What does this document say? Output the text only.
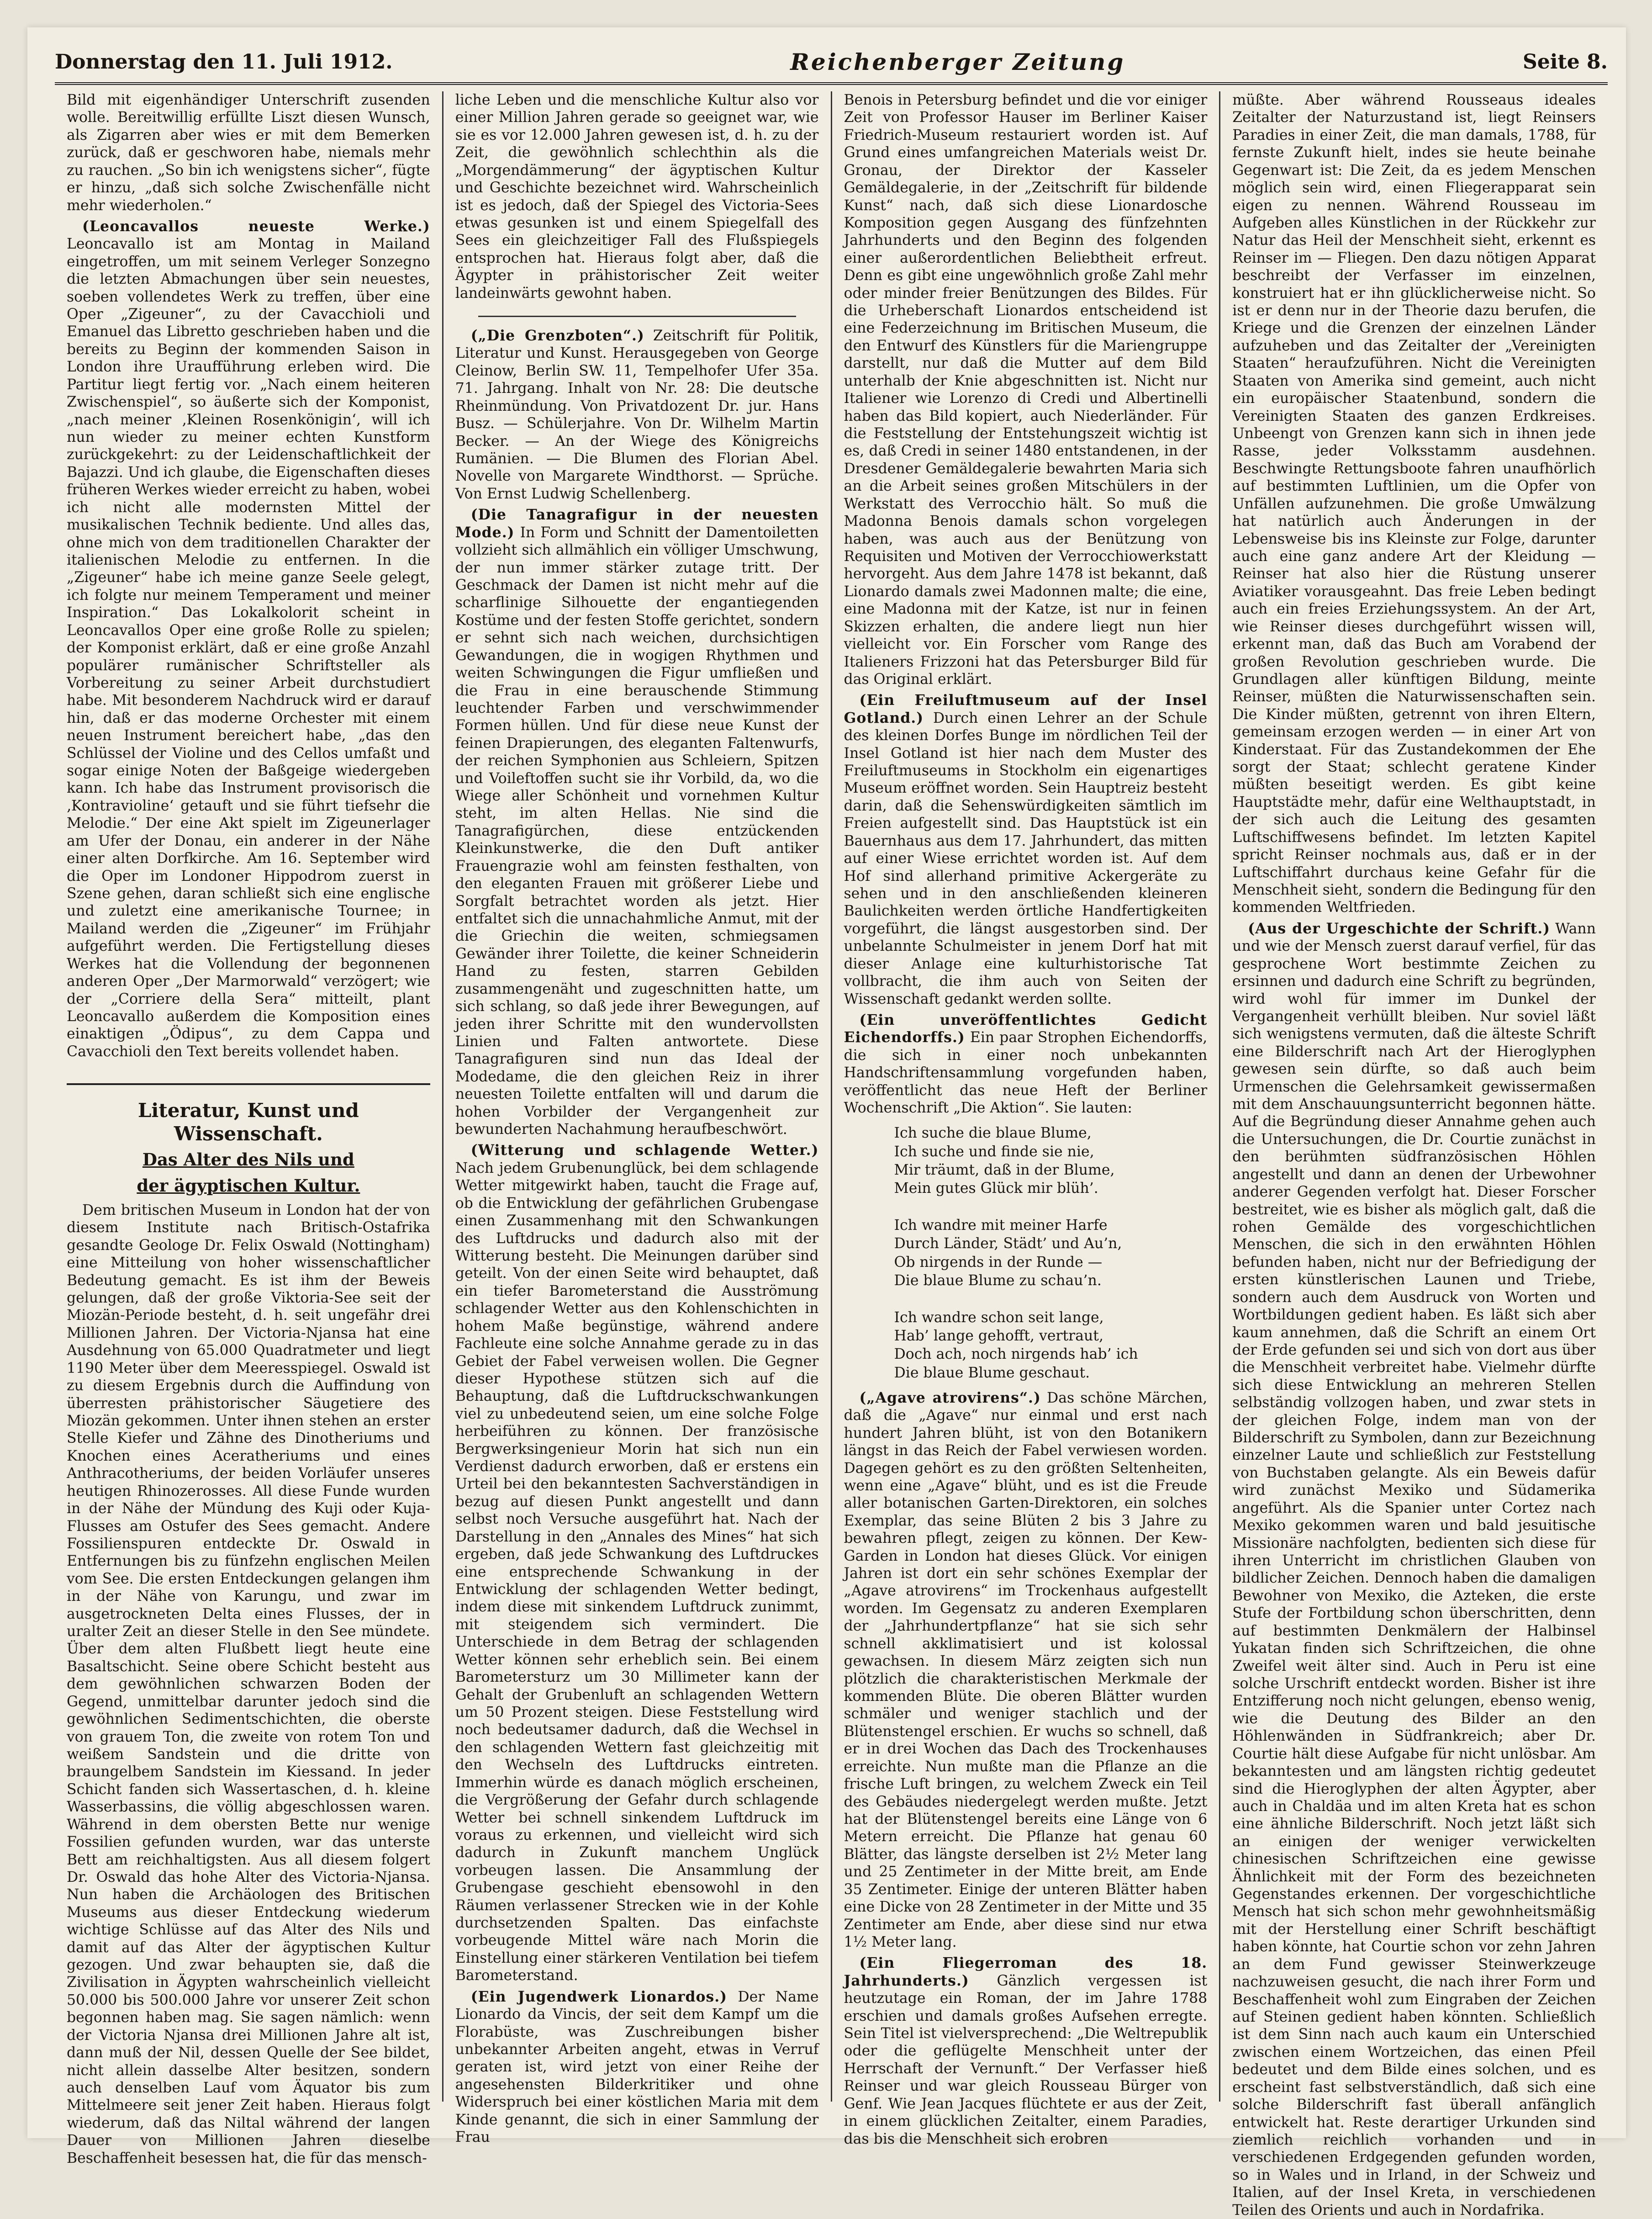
Donnerstag den 11. Juli 1912.	Reichenberger Zeitung	Seite 8.

Bild mit eigenhändiger Unterschrift zusenden wolle. Bereitwillig erfüllte Liszt diesen Wunsch, als Zigarren aber wies er mit dem Bemerken zurück, daß er geschworen habe, niemals mehr zu rauchen. „So bin ich wenigstens sicher“, fügte er hinzu, „daß sich solche Zwischenfälle nicht mehr wiederholen.“

(Leoncavallos neueste Werke.) Leoncavallo ist am Montag in Mailand eingetroffen, um mit seinem Verleger Sonzegno die letzten Abmachungen über sein neuestes, soeben vollendetes Werk zu treffen, über eine Oper „Zigeuner“, zu der Cavacchioli und Emanuel das Libretto geschrieben haben und die bereits zu Beginn der kommenden Saison in London ihre Uraufführung erleben wird. Die Partitur liegt fertig vor. „Nach einem heiteren Zwischenspiel“, so äußerte sich der Komponist, „nach meiner ‚Kleinen Rosenkönigin‘, will ich nun wieder zu meiner echten Kunstform zurückgekehrt: zu der Leidenschaftlichkeit der Bajazzi. Und ich glaube, die Eigenschaften dieses früheren Werkes wieder erreicht zu haben, wobei ich nicht alle modernsten Mittel der musikalischen Technik bediente. Und alles das, ohne mich von dem traditionellen Charakter der italienischen Melodie zu entfernen. In die „Zigeuner“ habe ich meine ganze Seele gelegt, ich folgte nur meinem Temperament und meiner Inspiration.“ Das Lokalkolorit scheint in Leoncavallos Oper eine große Rolle zu spielen; der Komponist erklärt, daß er eine große Anzahl populärer rumänischer Schriftsteller als Vorbereitung zu seiner Arbeit durchstudiert habe. Mit besonderem Nachdruck wird er darauf hin, daß er das moderne Orchester mit einem neuen Instrument bereichert habe, „das den Schlüssel der Violine und des Cellos umfaßt und sogar einige Noten der Baßgeige wiedergeben kann. Ich habe das Instrument provisorisch die ‚Kontravioline‘ getauft und sie führt tiefsehr die Melodie.“ Der eine Akt spielt im Zigeunerlager am Ufer der Donau, ein anderer in der Nähe einer alten Dorfkirche. Am 16. September wird die Oper im Londoner Hippodrom zuerst in Szene gehen, daran schließt sich eine englische und zuletzt eine amerikanische Tournee; in Mailand werden die „Zigeuner“ im Frühjahr aufgeführt werden. Die Fertigstellung dieses Werkes hat die Vollendung der begonnenen anderen Oper „Der Marmorwald“ verzögert; wie der „Corriere della Sera“ mitteilt, plant Leoncavallo außerdem die Komposition eines einaktigen „Ödipus“, zu dem Cappa und Cavacchioli den Text bereits vollendet haben.

Literatur, Kunst und Wissenschaft.
Das Alter des Nils und
der ägyptischen Kultur.

Dem britischen Museum in London hat der von diesem Institute nach Britisch-Ostafrika gesandte Geologe Dr. Felix Oswald (Nottingham) eine Mitteilung von hoher wissenschaftlicher Bedeutung gemacht. Es ist ihm der Beweis gelungen, daß der große Viktoria-See seit der Miozän-Periode besteht, d. h. seit ungefähr drei Millionen Jahren. Der Victoria-Njansa hat eine Ausdehnung von 65.000 Quadratmeter und liegt 1190 Meter über dem Meeresspiegel. Oswald ist zu diesem Ergebnis durch die Auffindung von überresten prähistorischer Säugetiere des Miozän gekommen. Unter ihnen stehen an erster Stelle Kiefer und Zähne des Dinotheriums und Knochen eines Aceratheriums und eines Anthracotheriums, der beiden Vorläufer unseres heutigen Rhinozerosses. All diese Funde wurden in der Nähe der Mündung des Kuji oder Kuja-Flusses am Ostufer des Sees gemacht. Andere Fossilienspuren entdeckte Dr. Oswald in Entfernungen bis zu fünfzehn englischen Meilen vom See. Die ersten Entdeckungen gelangen ihm in der Nähe von Karungu, und zwar im ausgetrockneten Delta eines Flusses, der in uralter Zeit an dieser Stelle in den See mündete. Über dem alten Flußbett liegt heute eine Basaltschicht. Seine obere Schicht besteht aus dem gewöhnlichen schwarzen Boden der Gegend, unmittelbar darunter jedoch sind die gewöhnlichen Sedimentschichten, die oberste von grauem Ton, die zweite von rotem Ton und weißem Sandstein und die dritte von braungelbem Sandstein im Kiessand. In jeder Schicht fanden sich Wassertaschen, d. h. kleine Wasserbassins, die völlig abgeschlossen waren. Während in dem obersten Bette nur wenige Fossilien gefunden wurden, war das unterste Bett am reichhaltigsten. Aus all diesem folgert Dr. Oswald das hohe Alter des Victoria-Njansa. Nun haben die Archäologen des Britischen Museums aus dieser Entdeckung wiederum wichtige Schlüsse auf das Alter des Nils und damit auf das Alter der ägyptischen Kultur gezogen. Und zwar behaupten sie, daß die Zivilisation in Ägypten wahrscheinlich vielleicht 50.000 bis 500.000 Jahre vor unserer Zeit schon begonnen haben mag. Sie sagen nämlich: wenn der Victoria Njansa drei Millionen Jahre alt ist, dann muß der Nil, dessen Quelle der See bildet, nicht allein dasselbe Alter besitzen, sondern auch denselben Lauf vom Äquator bis zum Mittelmeere seit jener Zeit haben. Hieraus folgt wiederum, daß das Niltal während der langen Dauer von Millionen Jahren dieselbe Beschaffenheit besessen hat, die für das mensch-

liche Leben und die menschliche Kultur also vor einer Million Jahren gerade so geeignet war, wie sie es vor 12.000 Jahren gewesen ist, d. h. zu der Zeit, die gewöhnlich schlechthin als die „Morgendämmerung“ der ägyptischen Kultur und Geschichte bezeichnet wird. Wahrscheinlich ist es jedoch, daß der Spiegel des Victoria-Sees etwas gesunken ist und einem Spiegelfall des Sees ein gleichzeitiger Fall des Flußspiegels entsprochen hat. Hieraus folgt aber, daß die Ägypter in prähistorischer Zeit weiter landeinwärts gewohnt haben.

(„Die Grenzboten“.) Zeitschrift für Politik, Literatur und Kunst. Herausgegeben von George Cleinow, Berlin SW. 11, Tempelhofer Ufer 35a. 71. Jahrgang. Inhalt von Nr. 28: Die deutsche Rheinmündung. Von Privatdozent Dr. jur. Hans Busz. — Schülerjahre. Von Dr. Wilhelm Martin Becker. — An der Wiege des Königreichs Rumänien. — Die Blumen des Florian Abel. Novelle von Margarete Windthorst. — Sprüche. Von Ernst Ludwig Schellenberg.

(Die Tanagrafigur in der neuesten Mode.) In Form und Schnitt der Damentoiletten vollzieht sich allmählich ein völliger Umschwung, der nun immer stärker zutage tritt. Der Geschmack der Damen ist nicht mehr auf die scharflinige Silhouette der engantiegenden Kostüme und der festen Stoffe gerichtet, sondern er sehnt sich nach weichen, durchsichtigen Gewandungen, die in wogigen Rhythmen und weiten Schwingungen die Figur umfließen und die Frau in eine berauschende Stimmung leuchtender Farben und verschwimmender Formen hüllen. Und für diese neue Kunst der feinen Drapierungen, des eleganten Faltenwurfs, der reichen Symphonien aus Schleiern, Spitzen und Voileftoffen sucht sie ihr Vorbild, da, wo die Wiege aller Schönheit und vornehmen Kultur steht, im alten Hellas. Nie sind die Tanagrafigürchen, diese entzückenden Kleinkunstwerke, die den Duft antiker Frauengrazie wohl am feinsten festhalten, von den eleganten Frauen mit größerer Liebe und Sorgfalt betrachtet worden als jetzt. Hier entfaltet sich die unnachahmliche Anmut, mit der die Griechin die weiten, schmiegsamen Gewänder ihrer Toilette, die keiner Schneiderin Hand zu festen, starren Gebilden zusammengenäht und zugeschnitten hatte, um sich schlang, so daß jede ihrer Bewegungen, auf jeden ihrer Schritte mit den wundervollsten Linien und Falten antwortete. Diese Tanagrafiguren sind nun das Ideal der Modedame, die den gleichen Reiz in ihrer neuesten Toilette entfalten will und darum die hohen Vorbilder der Vergangenheit zur bewunderten Nachahmung heraufbeschwört.

(Witterung und schlagende Wetter.) Nach jedem Grubenunglück, bei dem schlagende Wetter mitgewirkt haben, taucht die Frage auf, ob die Entwicklung der gefährlichen Grubengase einen Zusammenhang mit den Schwankungen des Luftdrucks und dadurch also mit der Witterung besteht. Die Meinungen darüber sind geteilt. Von der einen Seite wird behauptet, daß ein tiefer Barometerstand die Ausströmung schlagender Wetter aus den Kohlenschichten in hohem Maße begünstige, während andere Fachleute eine solche Annahme gerade zu in das Gebiet der Fabel verweisen wollen. Die Gegner dieser Hypothese stützen sich auf die Behauptung, daß die Luftdruckschwankungen viel zu unbedeutend seien, um eine solche Folge herbeiführen zu können. Der französische Bergwerksingenieur Morin hat sich nun ein Verdienst dadurch erworben, daß er erstens ein Urteil bei den bekanntesten Sachverständigen in bezug auf diesen Punkt angestellt und dann selbst noch Versuche ausgeführt hat. Nach der Darstellung in den „Annales des Mines“ hat sich ergeben, daß jede Schwankung des Luftdruckes eine entsprechende Schwankung in der Entwicklung der schlagenden Wetter bedingt, indem diese mit sinkendem Luftdruck zunimmt, mit steigendem sich vermindert. Die Unterschiede in dem Betrag der schlagenden Wetter können sehr erheblich sein. Bei einem Barometersturz um 30 Millimeter kann der Gehalt der Grubenluft an schlagenden Wettern um 50 Prozent steigen. Diese Feststellung wird noch bedeutsamer dadurch, daß die Wechsel in den schlagenden Wettern fast gleichzeitig mit den Wechseln des Luftdrucks eintreten. Immerhin würde es danach möglich erscheinen, die Vergrößerung der Gefahr durch schlagende Wetter bei schnell sinkendem Luftdruck im voraus zu erkennen, und vielleicht wird sich dadurch in Zukunft manchem Unglück vorbeugen lassen. Die Ansammlung der Grubengase geschieht ebensowohl in den Räumen verlassener Strecken wie in der Kohle durchsetzenden Spalten. Das einfachste vorbeugende Mittel wäre nach Morin die Einstellung einer stärkeren Ventilation bei tiefem Barometerstand.

(Ein Jugendwerk Lionardos.) Der Name Lionardo da Vincis, der seit dem Kampf um die Florabüste, was Zuschreibungen bisher unbekannter Arbeiten angeht, etwas in Verruf geraten ist, wird jetzt von einer Reihe der angesehensten Bilderkritiker und ohne Widerspruch bei einer köstlichen Maria mit dem Kinde genannt, die sich in einer Sammlung der Frau

Benois in Petersburg befindet und die vor einiger Zeit von Professor Hauser im Berliner Kaiser Friedrich-Museum restauriert worden ist. Auf Grund eines umfangreichen Materials weist Dr. Gronau, der Direktor der Kasseler Gemäldegalerie, in der „Zeitschrift für bildende Kunst“ nach, daß sich diese Lionardosche Komposition gegen Ausgang des fünfzehnten Jahrhunderts und den Beginn des folgenden einer außerordentlichen Beliebtheit erfreut. Denn es gibt eine ungewöhnlich große Zahl mehr oder minder freier Benützungen des Bildes. Für die Urheberschaft Lionardos entscheidend ist eine Federzeichnung im Britischen Museum, die den Entwurf des Künstlers für die Mariengruppe darstellt, nur daß die Mutter auf dem Bild unterhalb der Knie abgeschnitten ist. Nicht nur Italiener wie Lorenzo di Credi und Albertinelli haben das Bild kopiert, auch Niederländer. Für die Feststellung der Entstehungszeit wichtig ist es, daß Credi in seiner 1480 entstandenen, in der Dresdener Gemäldegalerie bewahrten Maria sich an die Arbeit seines großen Mitschülers in der Werkstatt des Verrocchio hält. So muß die Madonna Benois damals schon vorgelegen haben, was auch aus der Benützung von Requisiten und Motiven der Verrocchiowerkstatt hervorgeht. Aus dem Jahre 1478 ist bekannt, daß Lionardo damals zwei Madonnen malte; die eine, eine Madonna mit der Katze, ist nur in feinen Skizzen erhalten, die andere liegt nun hier vielleicht vor. Ein Forscher vom Range des Italieners Frizzoni hat das Petersburger Bild für das Original erklärt.

(Ein Freiluftmuseum auf der Insel Gotland.) Durch einen Lehrer an der Schule des kleinen Dorfes Bunge im nördlichen Teil der Insel Gotland ist hier nach dem Muster des Freiluftmuseums in Stockholm ein eigenartiges Museum eröffnet worden. Sein Hauptreiz besteht darin, daß die Sehenswürdigkeiten sämtlich im Freien aufgestellt sind. Das Hauptstück ist ein Bauernhaus aus dem 17. Jahrhundert, das mitten auf einer Wiese errichtet worden ist. Auf dem Hof sind allerhand primitive Ackergeräte zu sehen und in den anschließenden kleineren Baulichkeiten werden örtliche Handfertigkeiten vorgeführt, die längst ausgestorben sind. Der unbelannte Schulmeister in jenem Dorf hat mit dieser Anlage eine kulturhistorische Tat vollbracht, die ihm auch von Seiten der Wissenschaft gedankt werden sollte.

(Ein unveröffentlichtes Gedicht Eichendorffs.) Ein paar Strophen Eichendorffs, die sich in einer noch unbekannten Handschriftensammlung vorgefunden haben, veröffentlicht das neue Heft der Berliner Wochenschrift „Die Aktion“. Sie lauten:

Ich suche die blaue Blume,
Ich suche und finde sie nie,
Mir träumt, daß in der Blume,
Mein gutes Glück mir blüh’.

Ich wandre mit meiner Harfe
Durch Länder, Städt’ und Au’n,
Ob nirgends in der Runde —
Die blaue Blume zu schau’n.

Ich wandre schon seit lange,
Hab’ lange gehofft, vertraut,
Doch ach, noch nirgends hab’ ich
Die blaue Blume geschaut.

(„Agave atrovirens“.) Das schöne Märchen, daß die „Agave“ nur einmal und erst nach hundert Jahren blüht, ist von den Botanikern längst in das Reich der Fabel verwiesen worden. Dagegen gehört es zu den größten Seltenheiten, wenn eine „Agave“ blüht, und es ist die Freude aller botanischen Garten-Direktoren, ein solches Exemplar, das seine Blüten 2 bis 3 Jahre zu bewahren pflegt, zeigen zu können. Der Kew-Garden in London hat dieses Glück. Vor einigen Jahren ist dort ein sehr schönes Exemplar der „Agave atrovirens“ im Trockenhaus aufgestellt worden. Im Gegensatz zu anderen Exemplaren der „Jahrhundertpflanze“ hat sie sich sehr schnell akklimatisiert und ist kolossal gewachsen. In diesem März zeigten sich nun plötzlich die charakteristischen Merkmale der kommenden Blüte. Die oberen Blätter wurden schmäler und weniger stachlich und der Blütenstengel erschien. Er wuchs so schnell, daß er in drei Wochen das Dach des Trockenhauses erreichte. Nun mußte man die Pflanze an die frische Luft bringen, zu welchem Zweck ein Teil des Gebäudes niedergelegt werden mußte. Jetzt hat der Blütenstengel bereits eine Länge von 6 Metern erreicht. Die Pflanze hat genau 60 Blätter, das längste derselben ist 2½ Meter lang und 25 Zentimeter in der Mitte breit, am Ende 35 Zentimeter. Einige der unteren Blätter haben eine Dicke von 28 Zentimeter in der Mitte und 35 Zentimeter am Ende, aber diese sind nur etwa 1½ Meter lang.

(Ein Fliegerroman des 18. Jahrhunderts.) Gänzlich vergessen ist heutzutage ein Roman, der im Jahre 1788 erschien und damals großes Aufsehen erregte. Sein Titel ist vielversprechend: „Die Weltrepublik oder die geflügelte Menschheit unter der Herrschaft der Vernunft.“ Der Verfasser hieß Reinser und war gleich Rousseau Bürger von Genf. Wie Jean Jacques flüchtete er aus der Zeit, in einem glücklichen Zeitalter, einem Paradies, das bis die Menschheit sich erobren

müßte. Aber während Rousseaus ideales Zeitalter der Naturzustand ist, liegt Reinsers Paradies in einer Zeit, die man damals, 1788, für fernste Zukunft hielt, indes sie heute beinahe Gegenwart ist: Die Zeit, da es jedem Menschen möglich sein wird, einen Fliegerapparat sein eigen zu nennen. Während Rousseau im Aufgeben alles Künstlichen in der Rückkehr zur Natur das Heil der Menschheit sieht, erkennt es Reinser im — Fliegen. Den dazu nötigen Apparat beschreibt der Verfasser im einzelnen, konstruiert hat er ihn glücklicherweise nicht. So ist er denn nur in der Theorie dazu berufen, die Kriege und die Grenzen der einzelnen Länder aufzuheben und das Zeitalter der „Vereinigten Staaten“ heraufzuführen. Nicht die Vereinigten Staaten von Amerika sind gemeint, auch nicht ein europäischer Staatenbund, sondern die Vereinigten Staaten des ganzen Erdkreises. Unbeengt von Grenzen kann sich in ihnen jede Rasse, jeder Volksstamm ausdehnen. Beschwingte Rettungsboote fahren unaufhörlich auf bestimmten Luftlinien, um die Opfer von Unfällen aufzunehmen. Die große Umwälzung hat natürlich auch Änderungen in der Lebensweise bis ins Kleinste zur Folge, darunter auch eine ganz andere Art der Kleidung — Reinser hat also hier die Rüstung unserer Aviatiker vorausgeahnt. Das freie Leben bedingt auch ein freies Erziehungssystem. An der Art, wie Reinser dieses durchgeführt wissen will, erkennt man, daß das Buch am Vorabend der großen Revolution geschrieben wurde. Die Grundlagen aller künftigen Bildung, meinte Reinser, müßten die Naturwissenschaften sein. Die Kinder müßten, getrennt von ihren Eltern, gemeinsam erzogen werden — in einer Art von Kinderstaat. Für das Zustandekommen der Ehe sorgt der Staat; schlecht geratene Kinder müßten beseitigt werden. Es gibt keine Hauptstädte mehr, dafür eine Welthauptstadt, in der sich auch die Leitung des gesamten Luftschiffwesens befindet. Im letzten Kapitel spricht Reinser nochmals aus, daß er in der Luftschiffahrt durchaus keine Gefahr für die Menschheit sieht, sondern die Bedingung für den kommenden Weltfrieden.

(Aus der Urgeschichte der Schrift.) Wann und wie der Mensch zuerst darauf verfiel, für das gesprochene Wort bestimmte Zeichen zu ersinnen und dadurch eine Schrift zu begründen, wird wohl für immer im Dunkel der Vergangenheit verhüllt bleiben. Nur soviel läßt sich wenigstens vermuten, daß die älteste Schrift eine Bilderschrift nach Art der Hieroglyphen gewesen sein dürfte, so daß auch beim Urmenschen die Gelehrsamkeit gewissermaßen mit dem Anschauungsunterricht begonnen hätte. Auf die Begründung dieser Annahme gehen auch die Untersuchungen, die Dr. Courtie zunächst in den berühmten südfranzösischen Höhlen angestellt und dann an denen der Urbewohner anderer Gegenden verfolgt hat. Dieser Forscher bestreitet, wie es bisher als möglich galt, daß die rohen Gemälde des vorgeschichtlichen Menschen, die sich in den erwähnten Höhlen befunden haben, nicht nur der Befriedigung der ersten künstlerischen Launen und Triebe, sondern auch dem Ausdruck von Worten und Wortbildungen gedient haben. Es läßt sich aber kaum annehmen, daß die Schrift an einem Ort der Erde gefunden sei und sich von dort aus über die Menschheit verbreitet habe. Vielmehr dürfte sich diese Entwicklung an mehreren Stellen selbständig vollzogen haben, und zwar stets in der gleichen Folge, indem man von der Bilderschrift zu Symbolen, dann zur Bezeichnung einzelner Laute und schließlich zur Feststellung von Buchstaben gelangte. Als ein Beweis dafür wird zunächst Mexiko und Südamerika angeführt. Als die Spanier unter Cortez nach Mexiko gekommen waren und bald jesuitische Missionäre nachfolgten, bedienten sich diese für ihren Unterricht im christlichen Glauben von bildlicher Zeichen. Dennoch haben die damaligen Bewohner von Mexiko, die Azteken, die erste Stufe der Fortbildung schon überschritten, denn auf bestimmten Denkmälern der Halbinsel Yukatan finden sich Schriftzeichen, die ohne Zweifel weit älter sind. Auch in Peru ist eine solche Urschrift entdeckt worden. Bisher ist ihre Entzifferung noch nicht gelungen, ebenso wenig, wie die Deutung des Bilder an den Höhlenwänden in Südfrankreich; aber Dr. Courtie hält diese Aufgabe für nicht unlösbar. Am bekanntesten und am längsten richtig gedeutet sind die Hieroglyphen der alten Ägypter, aber auch in Chaldäa und im alten Kreta hat es schon eine ähnliche Bilderschrift. Noch jetzt läßt sich an einigen der weniger verwickelten chinesischen Schriftzeichen eine gewisse Ähnlichkeit mit der Form des bezeichneten Gegenstandes erkennen. Der vorgeschichtliche Mensch hat sich schon mehr gewohnheitsmäßig mit der Herstellung einer Schrift beschäftigt haben könnte, hat Courtie schon vor zehn Jahren an dem Fund gewisser Steinwerkzeuge nachzuweisen gesucht, die nach ihrer Form und Beschaffenheit wohl zum Eingraben der Zeichen auf Steinen gedient haben könnten. Schließlich ist dem Sinn nach auch kaum ein Unterschied zwischen einem Wortzeichen, das einen Pfeil bedeutet und dem Bilde eines solchen, und es erscheint fast selbstverständlich, daß sich eine solche Bilderschrift fast überall anfänglich entwickelt hat. Reste derartiger Urkunden sind ziemlich reichlich vorhanden und in verschiedenen Erdgegenden gefunden worden, so in Wales und in Irland, in der Schweiz und Italien, auf der Insel Kreta, in verschiedenen Teilen des Orients und auch in Nordafrika.
